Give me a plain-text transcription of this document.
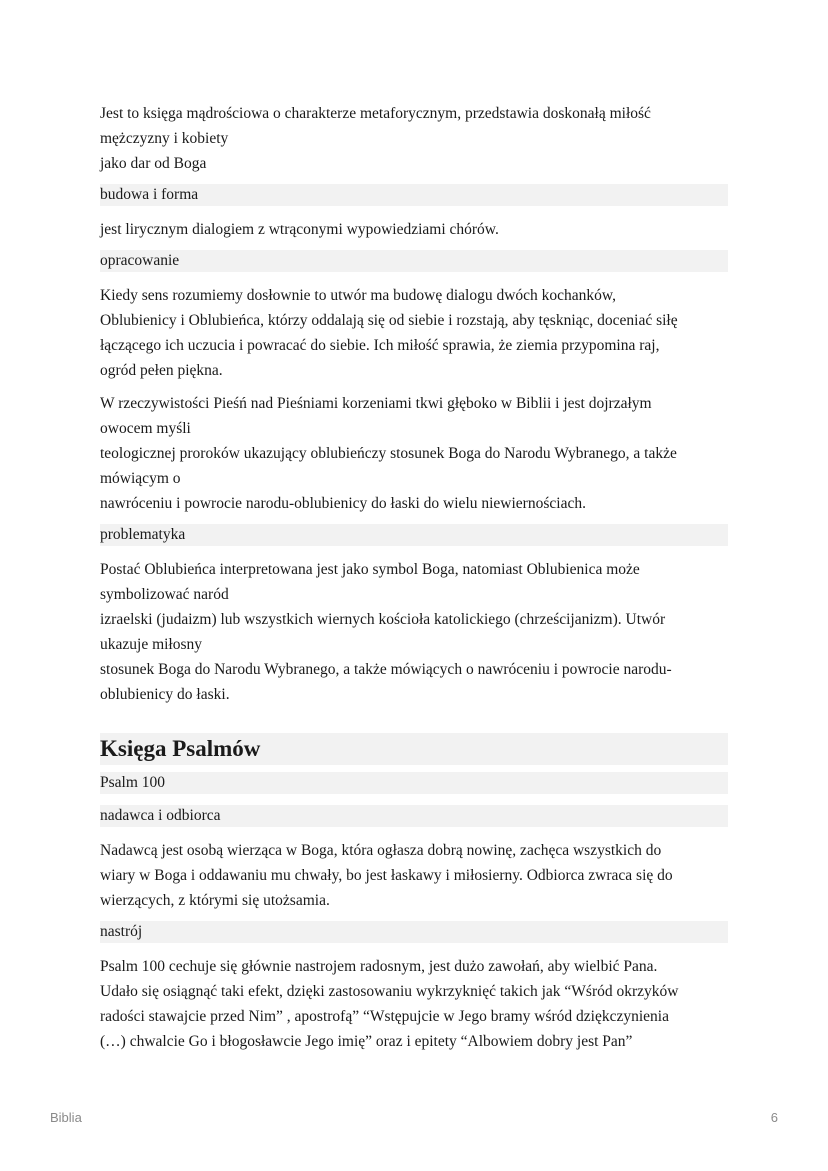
Jest to księga mądrościowa o charakterze metaforycznym, przedstawia doskonałą miłość
mężczyzny i kobiety
jako dar od Boga
budowa i forma
jest lirycznym dialogiem z wtrąconymi wypowiedziami chórów.
opracowanie
Kiedy sens rozumiemy dosłownie to utwór ma budowę dialogu dwóch kochanków,
Oblubienicy i Oblubieńca, którzy oddalają się od siebie i rozstają, aby tęskniąc, doceniać siłę
łączącego ich uczucia i powracać do siebie. Ich miłość sprawia, że ziemia przypomina raj,
ogród pełen piękna.
W rzeczywistości Pieśń nad Pieśniami korzeniami tkwi głęboko w Biblii i jest dojrzałym
owocem myśli
teologicznej proroków ukazujący oblubieńczy stosunek Boga do Narodu Wybranego, a także
mówiącym o
nawróceniu i powrocie narodu-oblubienicy do łaski do wielu niewiernościach.
problematyka
Postać Oblubieńca interpretowana jest jako symbol Boga, natomiast Oblubienica może
symbolizować naród
izraelski (judaizm) lub wszystkich wiernych kościoła katolickiego (chrześcijanizm). Utwór
ukazuje miłosny
stosunek Boga do Narodu Wybranego, a także mówiących o nawróceniu i powrocie narodu-
oblubienicy do łaski.
Księga Psalmów
Psalm 100
nadawca i odbiorca
Nadawcą jest osobą wierząca w Boga, która ogłasza dobrą nowinę, zachęca wszystkich do
wiary w Boga i oddawaniu mu chwały, bo jest łaskawy i miłosierny. Odbiorca zwraca się do
wierzących, z którymi się utożsamia.
nastrój
Psalm 100 cechuje się głównie nastrojem radosnym, jest dużo zawołań, aby wielbić Pana.
Udało się osiągnąć taki efekt, dzięki zastosowaniu wykrzyknięć takich jak “Wśród okrzyków
radości stawajcie przed Nim” , apostrofą” “Wstępujcie w Jego bramy wśród dziękczynienia
(…) chwalcie Go i błogosławcie Jego imię” oraz i epitety “Albowiem dobry jest Pan”
Biblia	6
